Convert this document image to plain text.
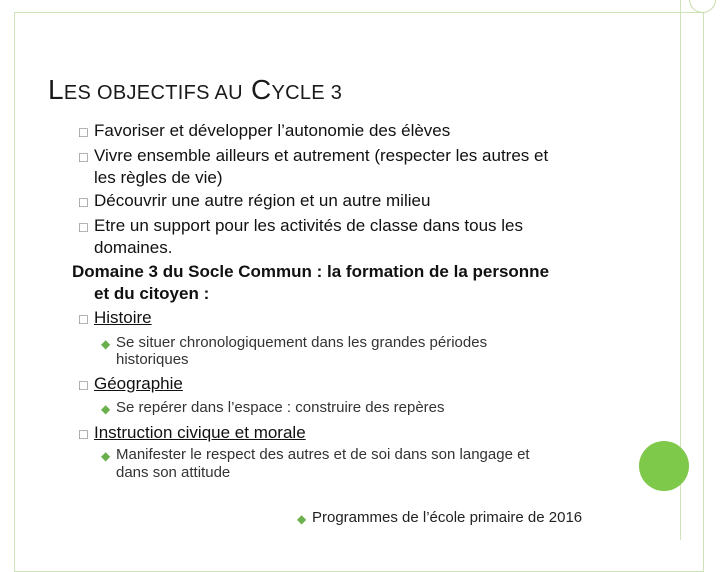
LES OBJECTIFS AU CYCLE 3
☐ Favoriser et développer l’autonomie des élèves
☐ Vivre ensemble ailleurs et autrement (respecter les autres et
les règles de vie)
☐ Découvrir une autre région et un autre milieu
☐ Etre un support pour les activités de classe dans tous les
domaines.
Domaine 3 du Socle Commun : la formation de la personne
et du citoyen :
☐ Histoire
◆ Se situer chronologiquement dans les grandes périodes
historiques
☐ Géographie
◆ Se repérer dans l’espace : construire des repères
☐ Instruction civique et morale
◆ Manifester le respect des autres et de soi dans son langage et
dans son attitude
◆ Programmes de l’école primaire de 2016
